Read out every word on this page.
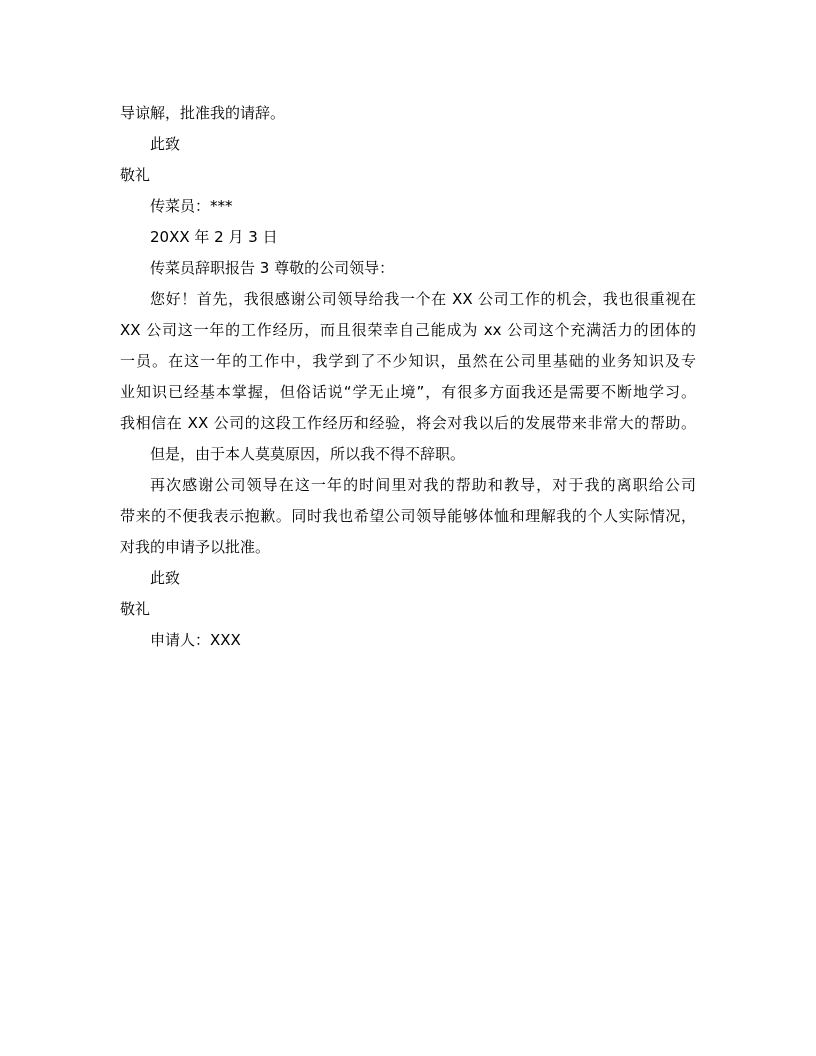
导谅解，批准我的请辞。
此致
敬礼
传菜员：***
20XX 年 2 月 3 日
传菜员辞职报告 3 尊敬的公司领导：
您好！首先，我很感谢公司领导给我一个在 XX 公司工作的机会，我也很重视在
XX 公司这一年的工作经历，而且很荣幸自己能成为 xx 公司这个充满活力的团体的
一员。在这一年的工作中，我学到了不少知识，虽然在公司里基础的业务知识及专
业知识已经基本掌握，但俗话说“学无止境”，有很多方面我还是需要不断地学习。
我相信在 XX 公司的这段工作经历和经验，将会对我以后的发展带来非常大的帮助。
但是，由于本人莫莫原因，所以我不得不辞职。
再次感谢公司领导在这一年的时间里对我的帮助和教导，对于我的离职给公司
带来的不便我表示抱歉。同时我也希望公司领导能够体恤和理解我的个人实际情况，
对我的申请予以批准。
此致
敬礼
申请人：XXX
